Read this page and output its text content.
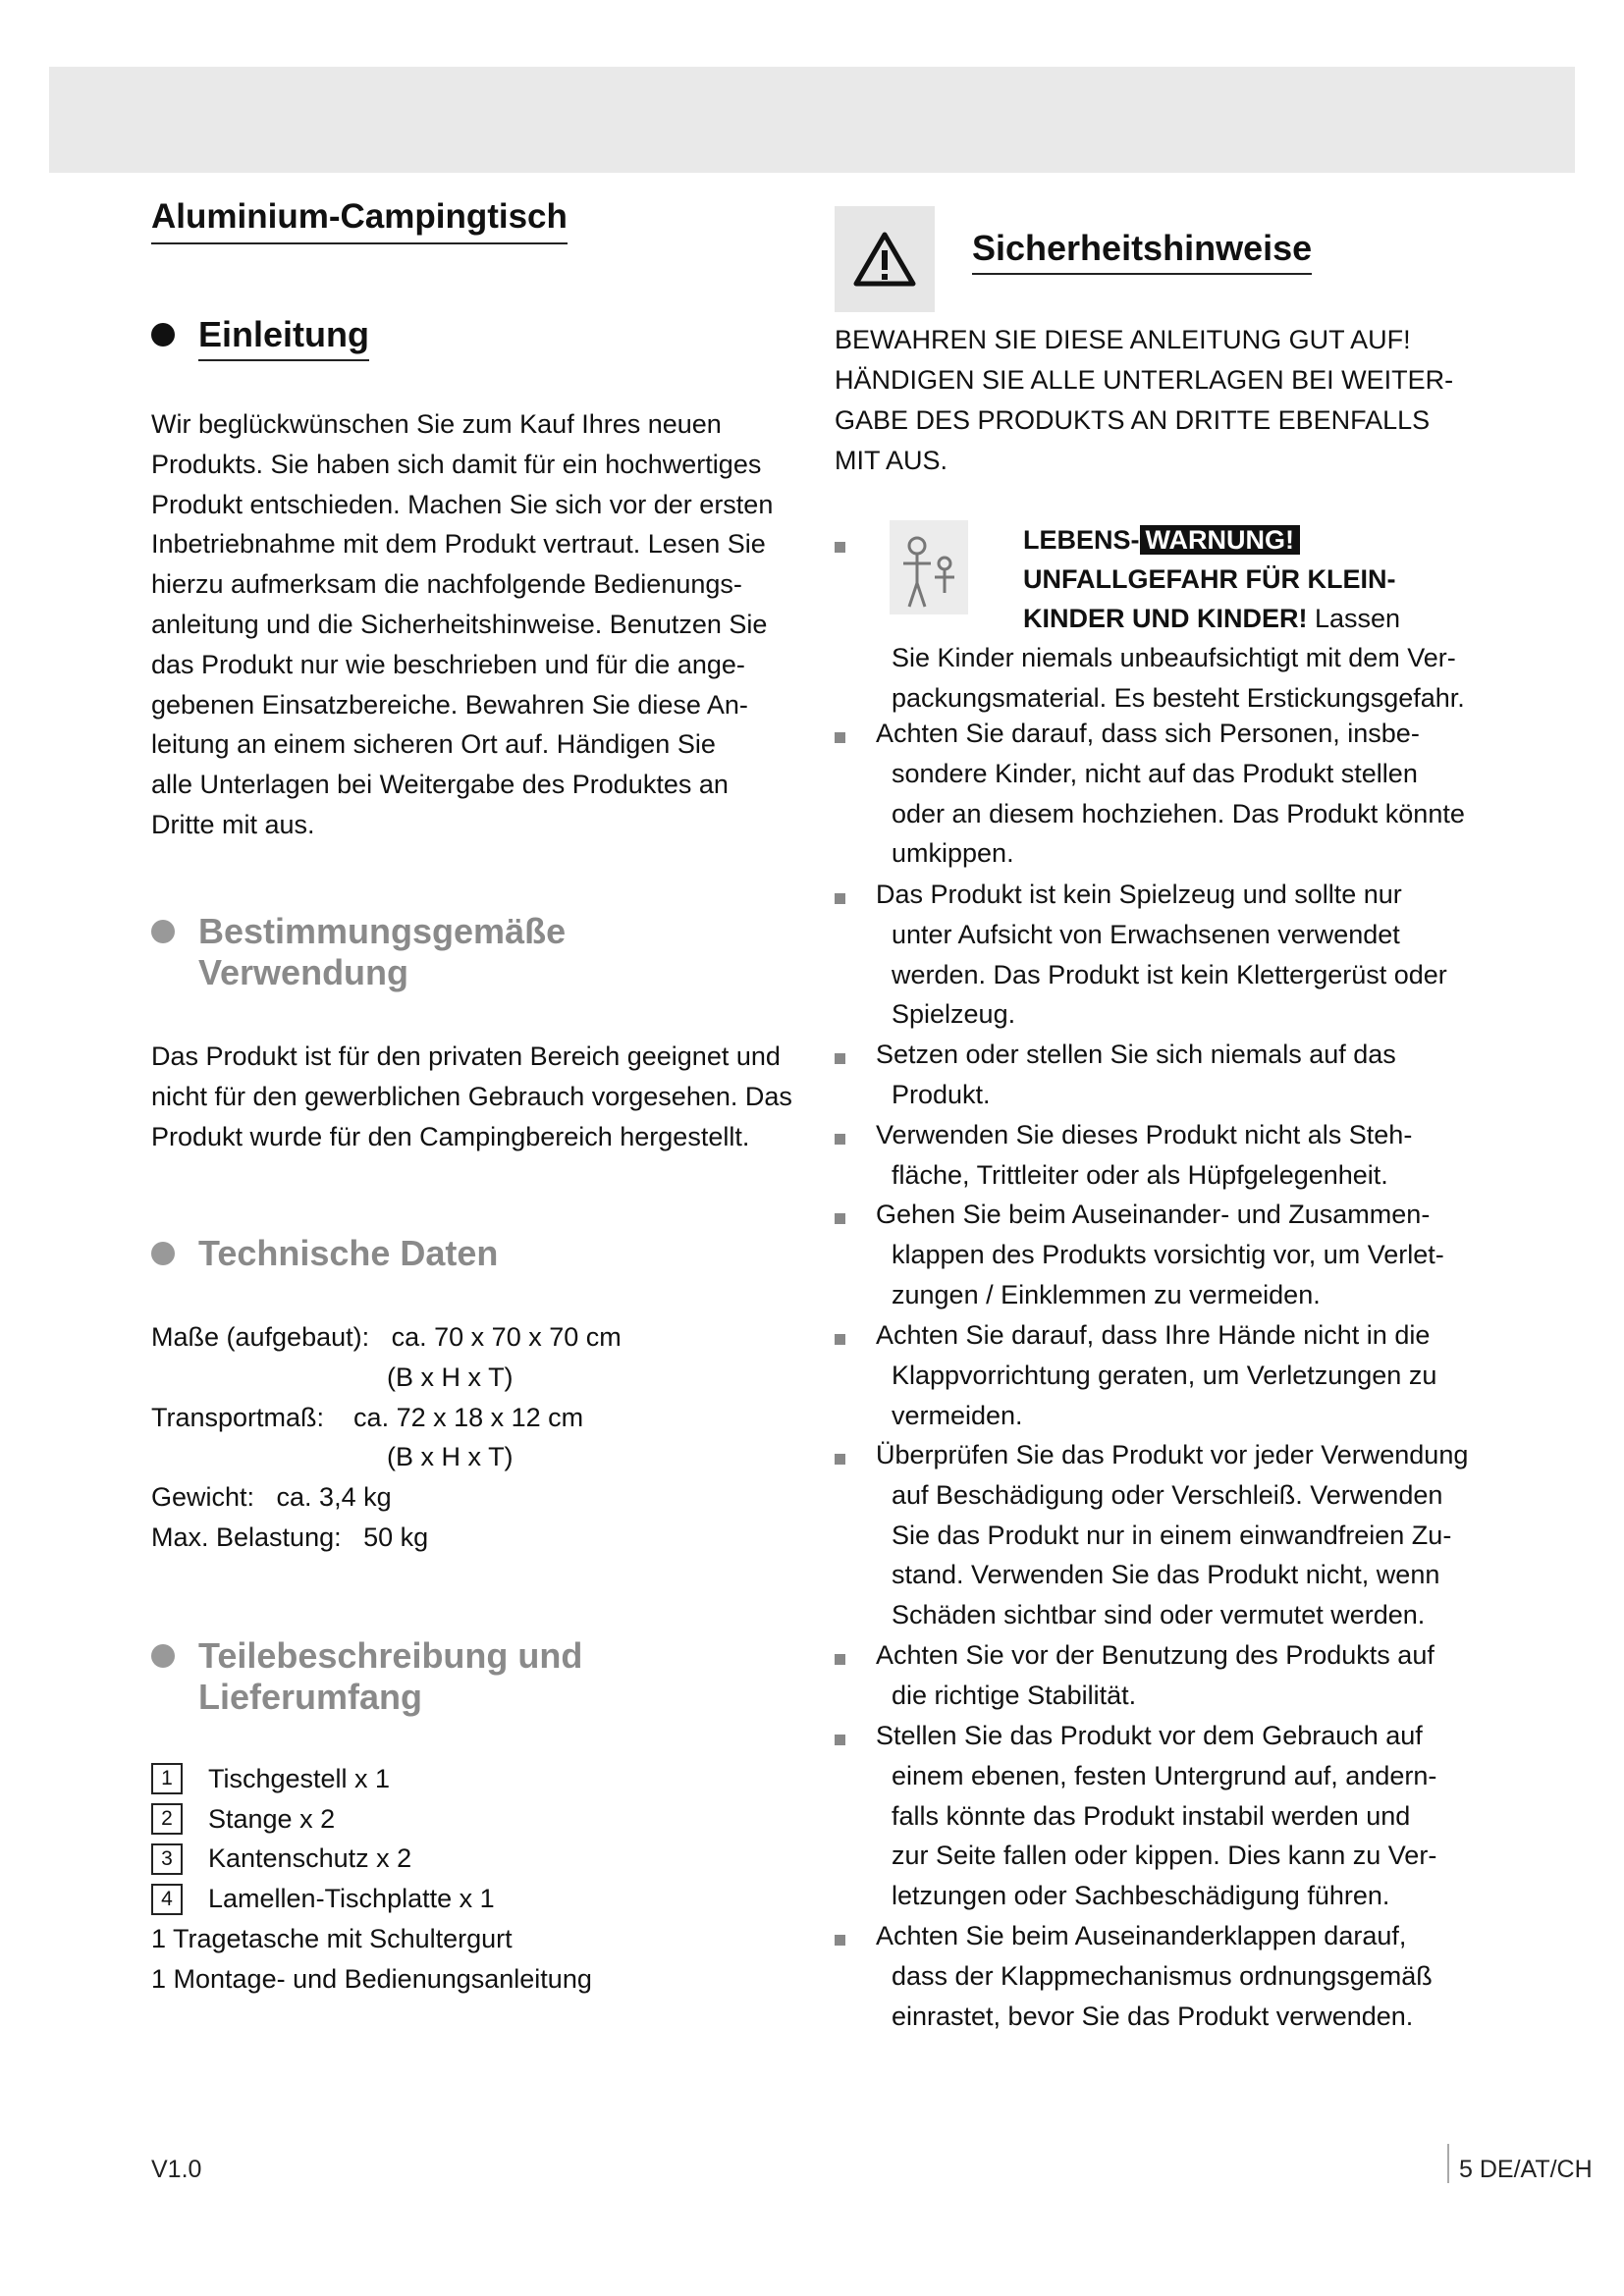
Aluminium-Campingtisch
Einleitung

Wir beglückwünschen Sie zum Kauf Ihres neuen

Produkts. Sie haben sich damit für ein hochwertiges

Produkt entschieden. Machen Sie sich vor der ersten

Inbetriebnahme mit dem Produkt vertraut. Lesen Sie

hierzu aufmerksam die nachfolgende Bedienungs-

anleitung und die Sicherheitshinweise. Benutzen Sie

das Produkt nur wie beschrieben und für die ange-

gebenen Einsatzbereiche. Bewahren Sie diese An-

leitung an einem sicheren Ort auf. Händigen Sie

alle Unterlagen bei Weitergabe des Produktes an

Dritte mit aus.

Bestimmungsgemäße
Verwendung

Das Produkt ist für den privaten Bereich geeignet und

nicht für den gewerblichen Gebrauch vorgesehen. Das

Produkt wurde für den Campingbereich hergestellt.

Technische Daten
Maße (aufgebaut):   ca. 70 x 70 x 70 cm
(B x H x T)
Transportmaß:    ca. 72 x 18 x 12 cm
(B x H x T)
Gewicht:   ca. 3,4 kg
Max. Belastung:   50 kg
Teilebeschreibung und
Lieferumfang
1	Tischgestell x 1
2	Stange x 2
3	Kantenschutz x 2
4	Lamellen-Tischplatte x 1

1 Tragetasche mit Schultergurt

1 Montage- und Bedienungsanleitung

Sicherheitshinweise
BEWAHREN SIE DIESE ANLEITUNG GUT AUF!
HÄNDIGEN SIE ALLE UNTERLAGEN BEI WEITER-
GABE DES PRODUKTS AN DRITTE EBENFALLS
MIT AUS.

LEBENS- WARNUNG!

UNFALLGEFAHR FÜR KLEIN-

KINDER UND KINDER! Lassen

Sie Kinder niemals unbeaufsichtigt mit dem Ver-
packungsmaterial. Es besteht Erstickungsgefahr.
Achten Sie darauf, dass sich Personen, insbe-
sondere Kinder, nicht auf das Produkt stellen
oder an diesem hochziehen. Das Produkt könnte
umkippen.
Das Produkt ist kein Spielzeug und sollte nur
unter Aufsicht von Erwachsenen verwendet
werden. Das Produkt ist kein Klettergerüst oder
Spielzeug.
Setzen oder stellen Sie sich niemals auf das
Produkt.
Verwenden Sie dieses Produkt nicht als Steh-
fläche, Trittleiter oder als Hüpfgelegenheit.
Gehen Sie beim Auseinander- und Zusammen-
klappen des Produkts vorsichtig vor, um Verlet-
zungen / Einklemmen zu vermeiden.
Achten Sie darauf, dass Ihre Hände nicht in die
Klappvorrichtung geraten, um Verletzungen zu
vermeiden.
Überprüfen Sie das Produkt vor jeder Verwendung
auf Beschädigung oder Verschleiß. Verwenden
Sie das Produkt nur in einem einwandfreien Zu-
stand. Verwenden Sie das Produkt nicht, wenn
Schäden sichtbar sind oder vermutet werden.
Achten Sie vor der Benutzung des Produkts auf
die richtige Stabilität.
Stellen Sie das Produkt vor dem Gebrauch auf
einem ebenen, festen Untergrund auf, andern-
falls könnte das Produkt instabil werden und
zur Seite fallen oder kippen. Dies kann zu Ver-
letzungen oder Sachbeschädigung führen.
Achten Sie beim Auseinanderklappen darauf,
dass der Klappmechanismus ordnungsgemäß
einrastet, bevor Sie das Produkt verwenden.
V1.0	5 DE/AT/CH
